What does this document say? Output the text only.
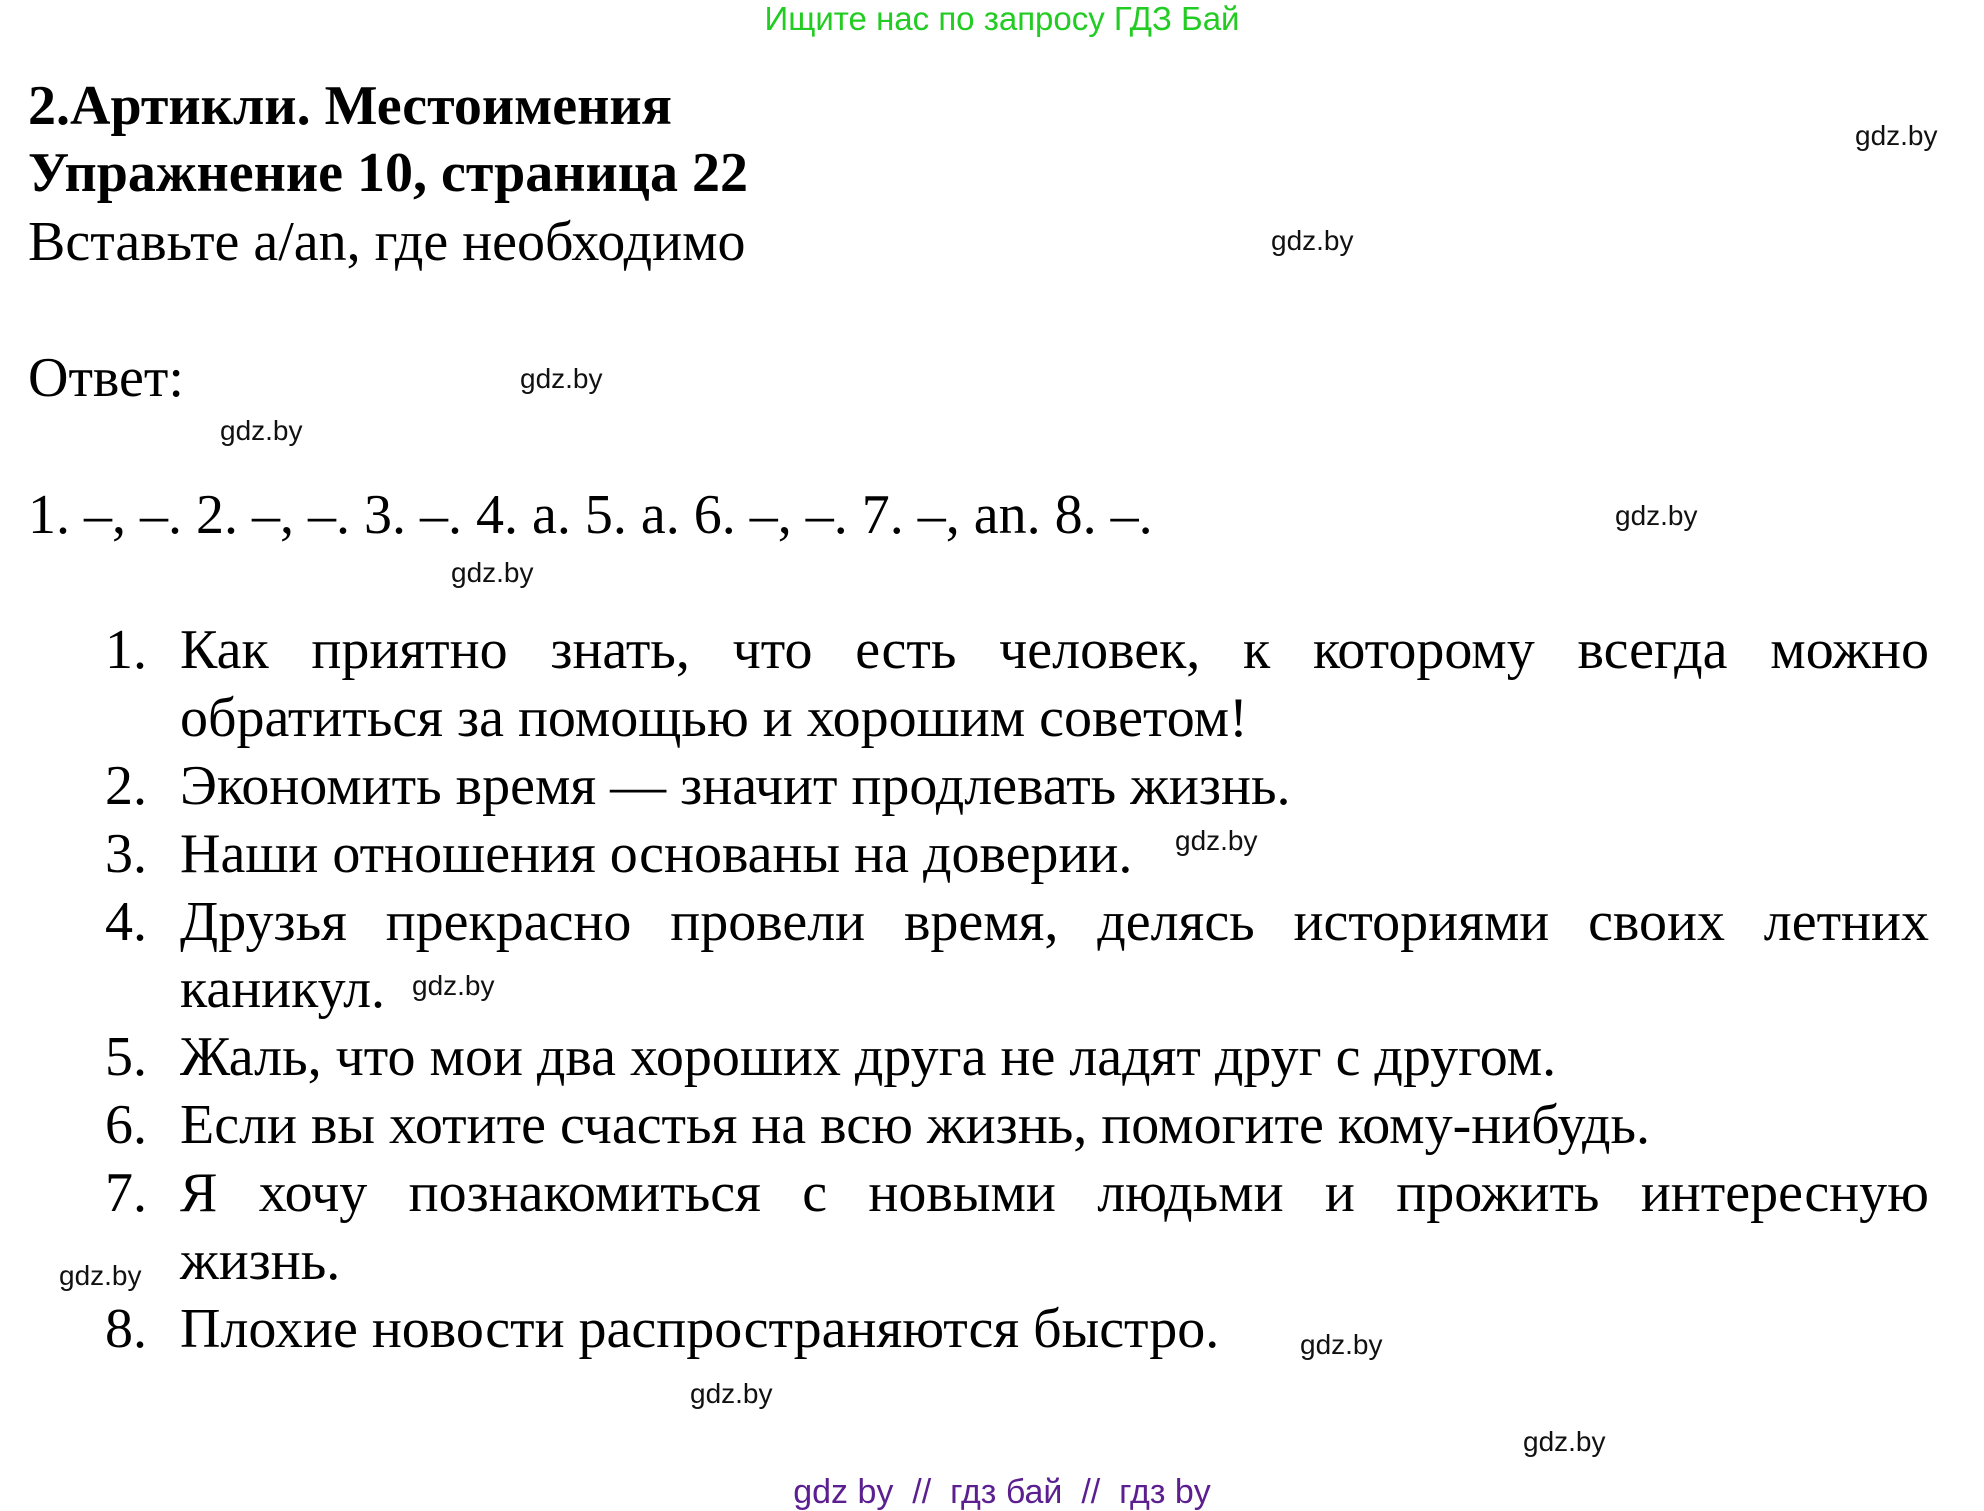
Ищите нас по запросу ГДЗ Бай
2.Артикли. Местоимения
Упражнение 10, страница 22
Вставьте a/an, где необходимо
Ответ:
1. –, –. 2. –, –. 3. –. 4. a. 5. a. 6. –, –. 7. –, an. 8. –.
1. Как приятно знать, что есть человек, к которому всегда можно
обратиться за помощью и хорошим советом!
2. Экономить время — значит продлевать жизнь.
3. Наши отношения основаны на доверии.
4. Друзья прекрасно провели время, делясь историями своих летних
каникул.
5. Жаль, что мои два хороших друга не ладят друг с другом.
6. Если вы хотите счастья на всю жизнь, помогите кому-нибудь.
7. Я хочу познакомиться с новыми людьми и прожить интересную
жизнь.
8. Плохие новости распространяются быстро.
gdz.by
gdz.by
gdz.by
gdz.by
gdz.by
gdz.by
gdz.by
gdz.by
gdz.by
gdz.by
gdz.by
gdz.by
gdz by  //  гдз бай  //  гдз by
